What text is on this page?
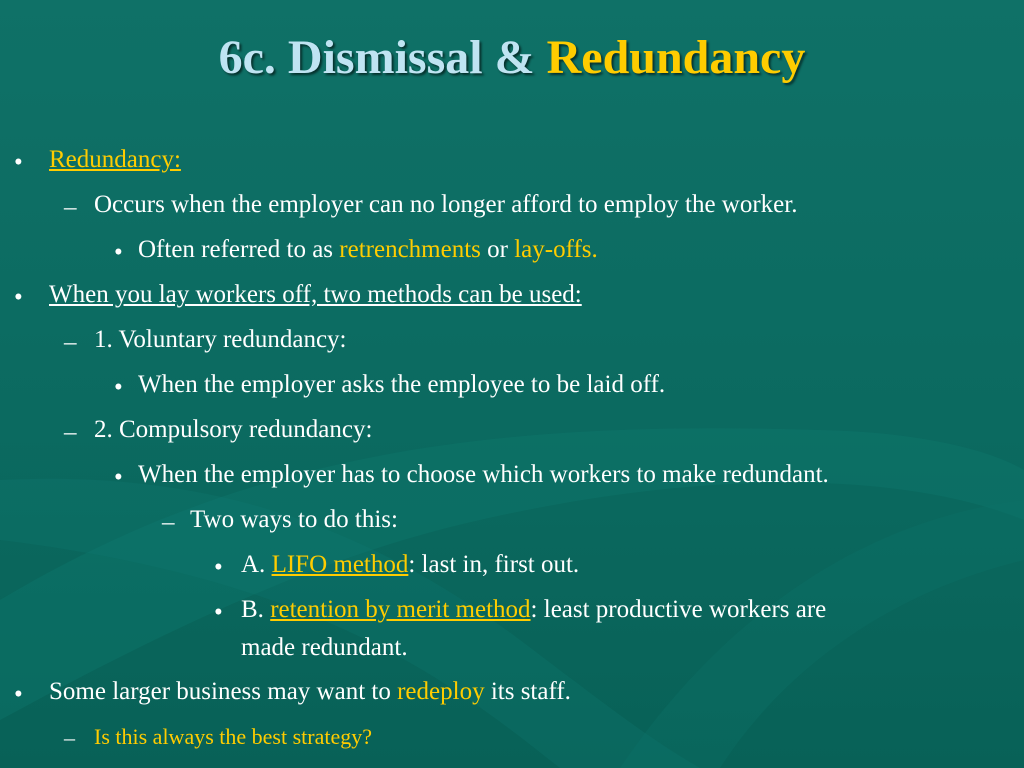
6c. Dismissal & Redundancy
• Redundancy:
– Occurs when the employer can no longer afford to employ the worker.
• Often referred to as retrenchments or lay-offs.
• When you lay workers off, two methods can be used:
– 1. Voluntary redundancy:
• When the employer asks the employee to be laid off.
– 2. Compulsory redundancy:
• When the employer has to choose which workers to make redundant.
– Two ways to do this:
• A. LIFO method: last in, first out.
• B. retention by merit method: least productive workers are
made redundant.
• Some larger business may want to redeploy its staff.
– Is this always the best strategy?
